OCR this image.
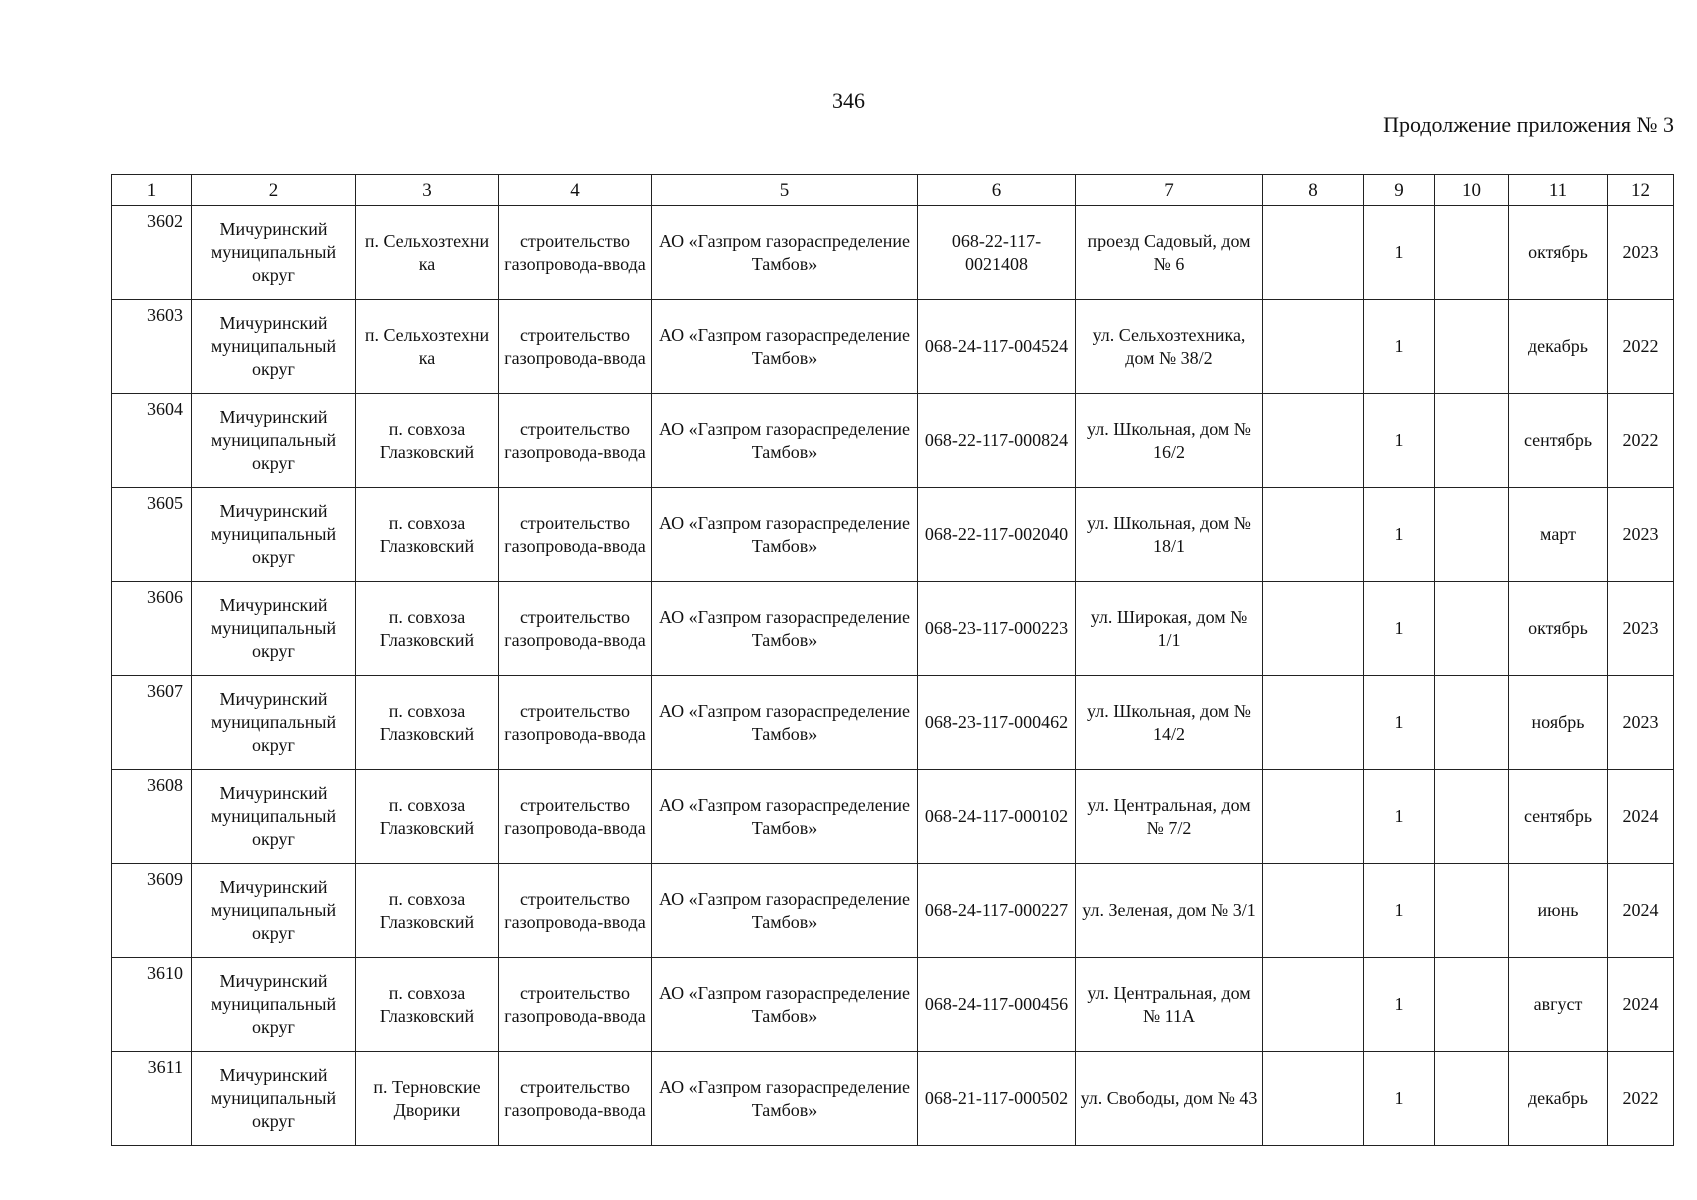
346
Продолжение приложения № 3
1	2	3	4	5	6	7	8	9	10	11	12
3602	Мичуринский муниципальный округ	п. Сельхозтехни ка	строительство газопровода-ввода	АО «Газпром газораспределение Тамбов»	068-22-117-0021408	проезд Садовый, дом № 6		1		октябрь	2023
3603	Мичуринский муниципальный округ	п. Сельхозтехни ка	строительство газопровода-ввода	АО «Газпром газораспределение Тамбов»	068-24-117-004524	ул. Сельхозтехника, дом № 38/2		1		декабрь	2022
3604	Мичуринский муниципальный округ	п. совхоза Глазковский	строительство газопровода-ввода	АО «Газпром газораспределение Тамбов»	068-22-117-000824	ул. Школьная, дом № 16/2		1		сентябрь	2022
3605	Мичуринский муниципальный округ	п. совхоза Глазковский	строительство газопровода-ввода	АО «Газпром газораспределение Тамбов»	068-22-117-002040	ул. Школьная, дом № 18/1		1		март	2023
3606	Мичуринский муниципальный округ	п. совхоза Глазковский	строительство газопровода-ввода	АО «Газпром газораспределение Тамбов»	068-23-117-000223	ул. Широкая, дом № 1/1		1		октябрь	2023
3607	Мичуринский муниципальный округ	п. совхоза Глазковский	строительство газопровода-ввода	АО «Газпром газораспределение Тамбов»	068-23-117-000462	ул. Школьная, дом № 14/2		1		ноябрь	2023
3608	Мичуринский муниципальный округ	п. совхоза Глазковский	строительство газопровода-ввода	АО «Газпром газораспределение Тамбов»	068-24-117-000102	ул. Центральная, дом № 7/2		1		сентябрь	2024
3609	Мичуринский муниципальный округ	п. совхоза Глазковский	строительство газопровода-ввода	АО «Газпром газораспределение Тамбов»	068-24-117-000227	ул. Зеленая, дом № 3/1		1		июнь	2024
3610	Мичуринский муниципальный округ	п. совхоза Глазковский	строительство газопровода-ввода	АО «Газпром газораспределение Тамбов»	068-24-117-000456	ул. Центральная, дом № 11А		1		август	2024
3611	Мичуринский муниципальный округ	п. Терновские Дворики	строительство газопровода-ввода	АО «Газпром газораспределение Тамбов»	068-21-117-000502	ул. Свободы, дом № 43		1		декабрь	2022
